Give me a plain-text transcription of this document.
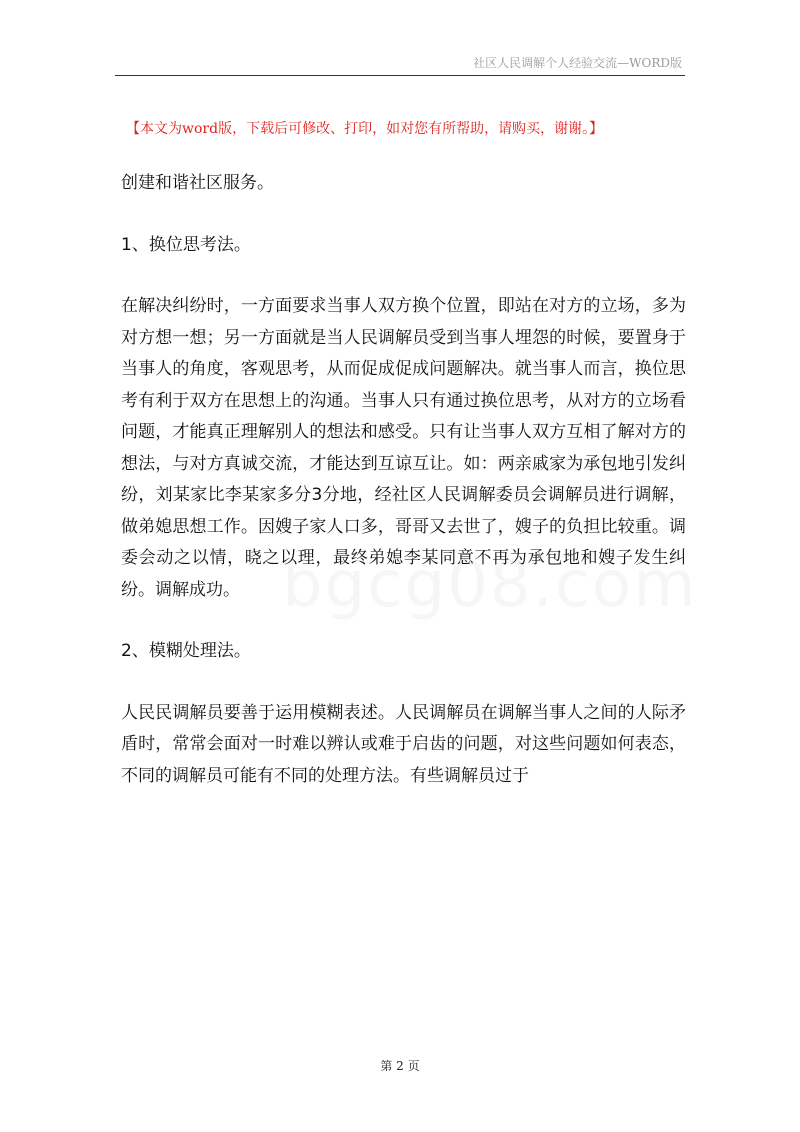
社区人民调解个人经验交流—WORD版
【本文为word版，下载后可修改、打印，如对您有所帮助，请购买，谢谢。】

创建和谐社区服务。

1、换位思考法。

在解决纠纷时，一方面要求当事人双方换个位置，即站在对方的立场，多为对方想一想；另一方面就是当人民调解员受到当事人埋怨的时候，要置身于当事人的角度，客观思考，从而促成促成问题解决。就当事人而言，换位思考有利于双方在思想上的沟通。当事人只有通过换位思考，从对方的立场看问题，才能真正理解别人的想法和感受。只有让当事人双方互相了解对方的想法，与对方真诚交流，才能达到互谅互让。如：两亲戚家为承包地引发纠纷，刘某家比李某家多分3分地，经社区人民调解委员会调解员进行调解，做弟媳思想工作。因嫂子家人口多，哥哥又去世了，嫂子的负担比较重。调委会动之以情，晓之以理，最终弟媳李某同意不再为承包地和嫂子发生纠纷。调解成功。

2、模糊处理法。

人民民调解员要善于运用模糊表述。人民调解员在调解当事人之间的人际矛盾时，常常会面对一时难以辨认或难于启齿的问题，对这些问题如何表态，不同的调解员可能有不同的处理方法。有些调解员过于

第 2 页
